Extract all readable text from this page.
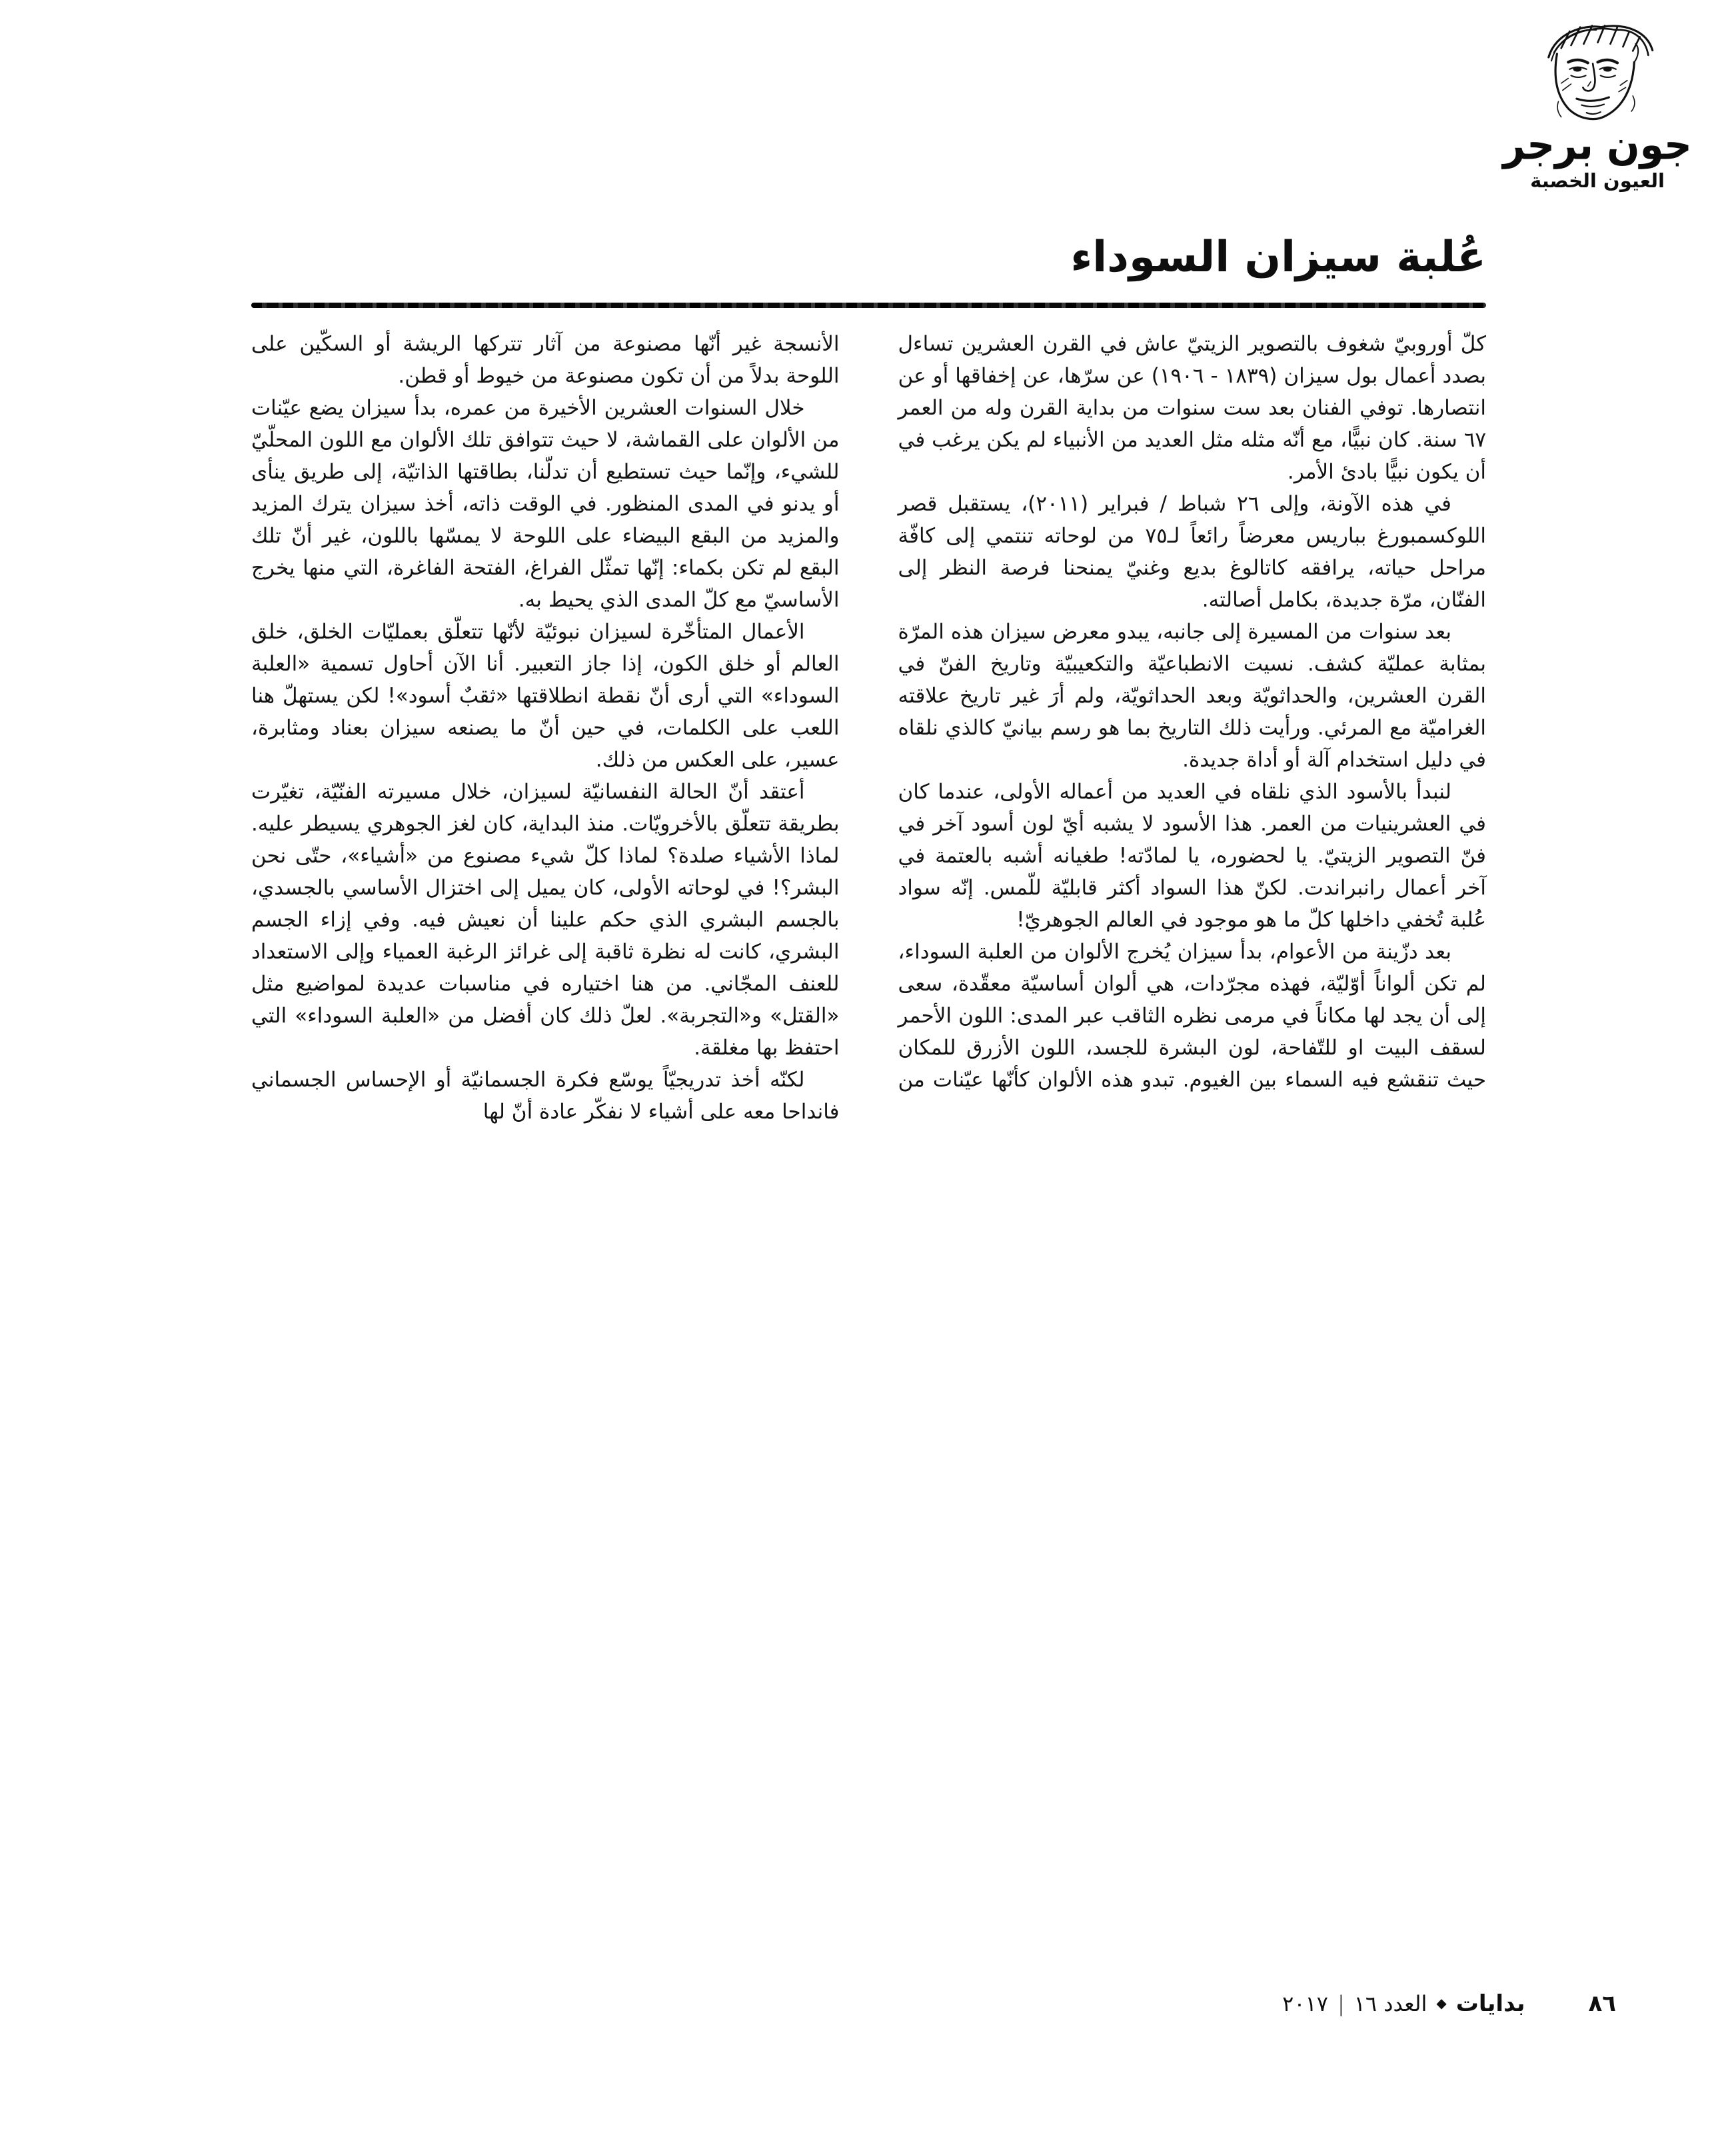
جون برجر
العيون الخصبة
عُلبة سيزان السوداء

كلّ أوروبيّ شغوف بالتصوير الزيتيّ عاش في القرن العشرين تساءل بصدد أعمال بول سيزان (١٨٣٩ - ١٩٠٦) عن سرّها، عن إخفاقها أو عن انتصارها. توفي الفنان بعد ست سنوات من بداية القرن وله من العمر ٦٧ سنة. كان نبيًّا، مع أنّه مثله مثل العديد من الأنبياء لم يكن يرغب في أن يكون نبيًّا بادئ الأمر.

في هذه الآونة، وإلى ٢٦ شباط / فبراير (٢٠١١)، يستقبل قصر اللوكسمبورغ بباريس معرضاً رائعاً لـ٧٥ من لوحاته تنتمي إلى كافّة مراحل حياته، يرافقه كاتالوغ بديع وغنيّ يمنحنا فرصة النظر إلى الفنّان، مرّة جديدة، بكامل أصالته.

بعد سنوات من المسيرة إلى جانبه، يبدو معرض سيزان هذه المرّة بمثابة عمليّة كشف. نسيت الانطباعيّة والتكعيبيّة وتاريخ الفنّ في القرن العشرين، والحداثويّة وبعد الحداثويّة، ولم أرَ غير تاريخ علاقته الغراميّة مع المرئي. ورأيت ذلك التاريخ بما هو رسم بيانيّ كالذي نلقاه في دليل استخدام آلة أو أداة جديدة.

لنبدأ بالأسود الذي نلقاه في العديد من أعماله الأولى، عندما كان في العشرينيات من العمر. هذا الأسود لا يشبه أيّ لون أسود آخر في فنّ التصوير الزيتيّ. يا لحضوره، يا لمادّته! طغيانه أشبه بالعتمة في آخر أعمال رانبراندت. لكنّ هذا السواد أكثر قابليّة للّمس. إنّه سواد عُلبة تُخفي داخلها كلّ ما هو موجود في العالم الجوهريّ!

بعد دزّينة من الأعوام، بدأ سيزان يُخرج الألوان من العلبة السوداء، لم تكن ألواناً أوّليّة، فهذه مجرّدات، هي ألوان أساسيّة معقّدة، سعى إلى أن يجد لها مكاناً في مرمى نظره الثاقب عبر المدى: اللون الأحمر لسقف البيت او للتّفاحة، لون البشرة للجسد، اللون الأزرق للمكان حيث تنقشع فيه السماء بين الغيوم. تبدو هذه الألوان كأنّها عيّنات من الأنسجة غير أنّها مصنوعة من آثار تتركها الريشة أو السكّين على اللوحة بدلاً من أن تكون مصنوعة من خيوط أو قطن.

خلال السنوات العشرين الأخيرة من عمره، بدأ سيزان يضع عيّنات من الألوان على القماشة، لا حيث تتوافق تلك الألوان مع اللون المحلّيّ للشيء، وإنّما حيث تستطيع أن تدلّنا، بطاقتها الذاتيّة، إلى طريق ينأى أو يدنو في المدى المنظور. في الوقت ذاته، أخذ سيزان يترك المزيد والمزيد من البقع البيضاء على اللوحة لا يمسّها باللون، غير أنّ تلك البقع لم تكن بكماء: إنّها تمثّل الفراغ، الفتحة الفاغرة، التي منها يخرج الأساسيّ مع كلّ المدى الذي يحيط به.

الأعمال المتأخّرة لسيزان نبوئيّة لأنّها تتعلّق بعمليّات الخلق، خلق العالم أو خلق الكون، إذا جاز التعبير. أنا الآن أحاول تسمية «العلبة السوداء» التي أرى أنّ نقطة انطلاقتها «ثقبٌ أسود»! لكن يستهلّ هنا اللعب على الكلمات، في حين أنّ ما يصنعه سيزان بعناد ومثابرة، عسير، على العكس من ذلك.

أعتقد أنّ الحالة النفسانيّة لسيزان، خلال مسيرته الفنّيّة، تغيّرت بطريقة تتعلّق بالأخرويّات. منذ البداية، كان لغز الجوهري يسيطر عليه. لماذا الأشياء صلدة؟ لماذا كلّ شيء مصنوع من «أشياء»، حتّى نحن البشر؟! في لوحاته الأولى، كان يميل إلى اختزال الأساسي بالجسدي، بالجسم البشري الذي حكم علينا أن نعيش فيه. وفي إزاء الجسم البشري، كانت له نظرة ثاقبة إلى غرائز الرغبة العمياء وإلى الاستعداد للعنف المجّاني. من هنا اختياره في مناسبات عديدة لمواضيع مثل «القتل» و«التجربة». لعلّ ذلك كان أفضل من «العلبة السوداء» التي احتفظ بها مغلقة.

لكنّه أخذ تدريجيّاً يوسّع فكرة الجسمانيّة أو الإحساس الجسماني فانداحا معه على أشياء لا نفكّر عادة أنّ لها

٨٦
بدايات
◆
العدد ١٦
|
٢٠١٧
